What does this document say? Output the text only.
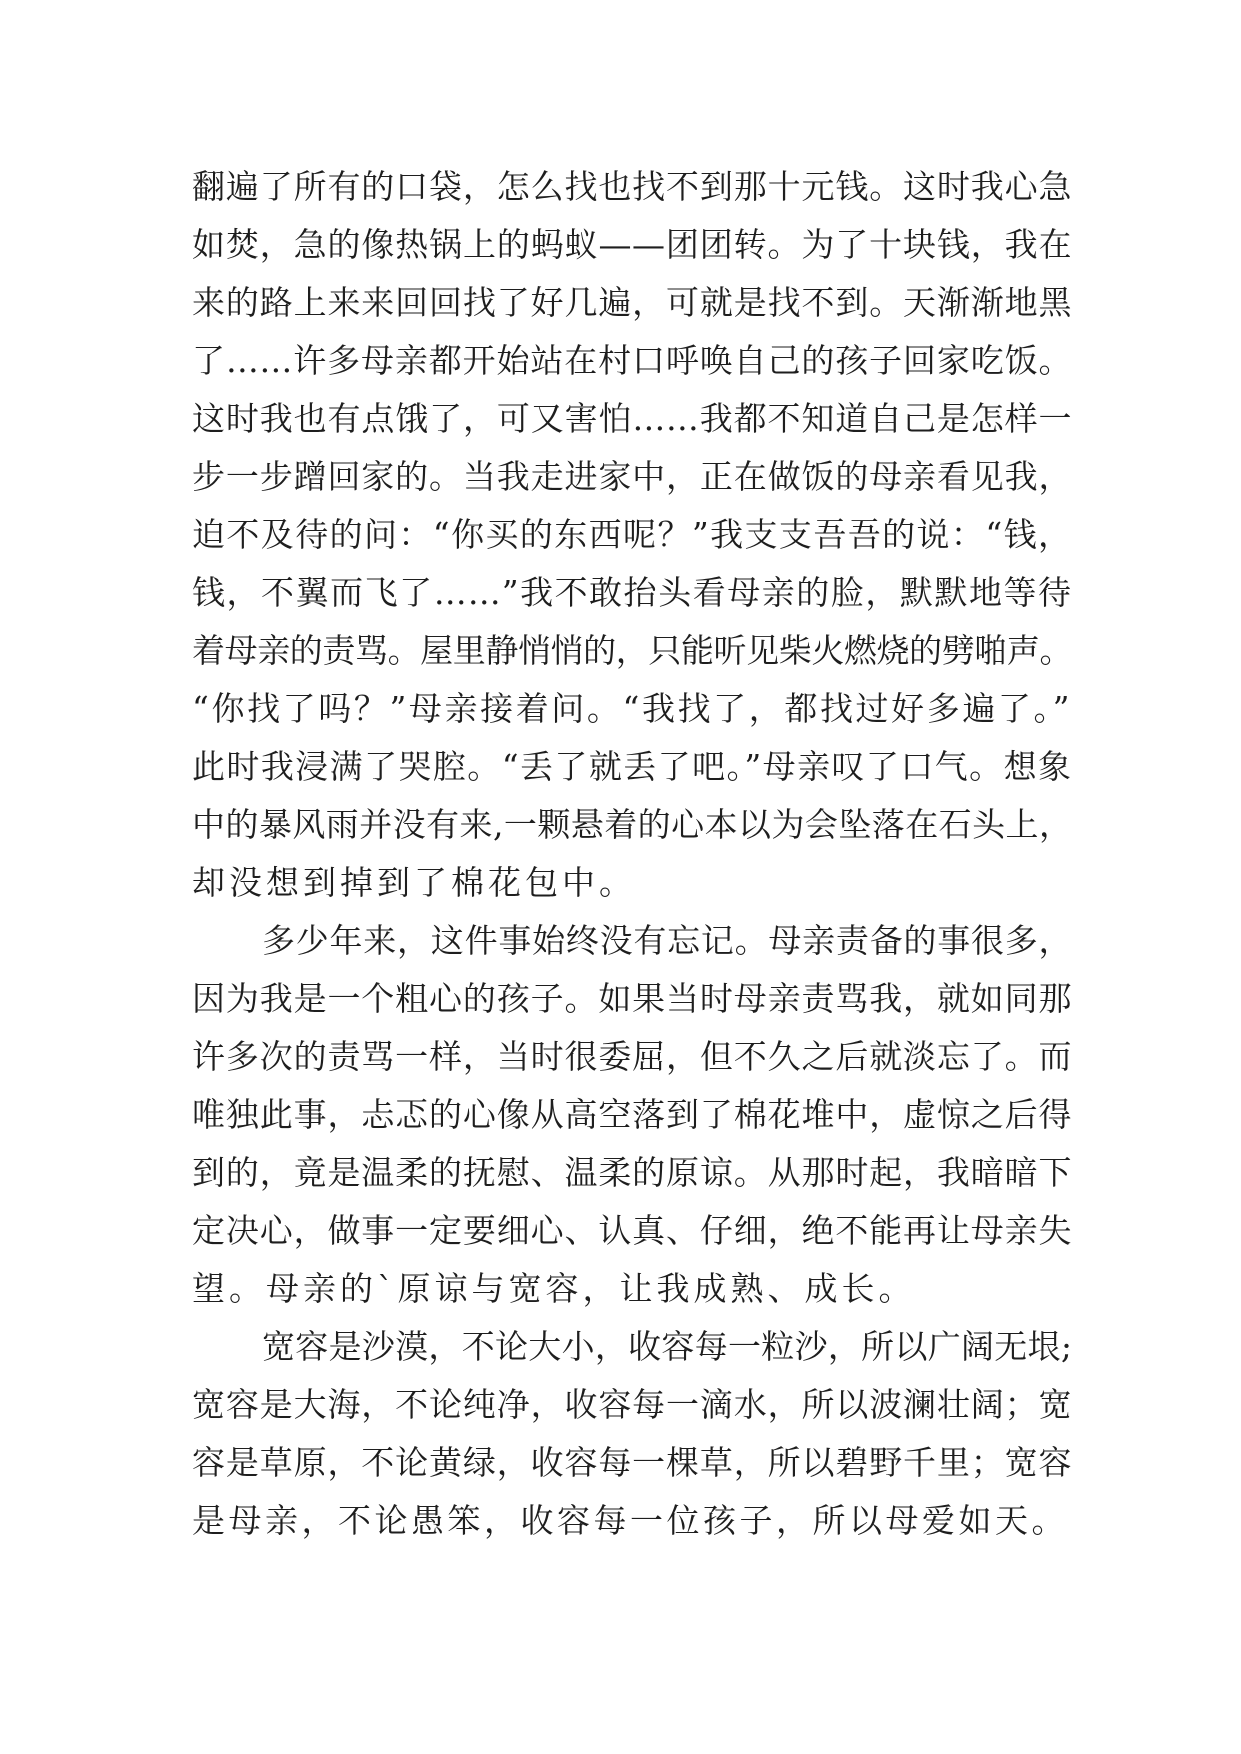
翻遍了所有的口袋，怎么找也找不到那十元钱。这时我心急
如焚，急的像热锅上的蚂蚁——团团转。为了十块钱，我在
来的路上来来回回找了好几遍，可就是找不到。天渐渐地黑
了……许多母亲都开始站在村口呼唤自己的孩子回家吃饭。
这时我也有点饿了，可又害怕……我都不知道自己是怎样一
步一步蹭回家的。当我走进家中，正在做饭的母亲看见我，
迫不及待的问：“你买的东西呢？”我支支吾吾的说：“钱，
钱，不翼而飞了……”我不敢抬头看母亲的脸，默默地等待
着母亲的责骂。屋里静悄悄的，只能听见柴火燃烧的劈啪声。
“你找了吗？”母亲接着问。“我找了，都找过好多遍了。”
此时我浸满了哭腔。“丢了就丢了吧。”母亲叹了口气。想象
中的暴风雨并没有来,一颗悬着的心本以为会坠落在石头上，
却没想到掉到了棉花包中。
多少年来，这件事始终没有忘记。母亲责备的事很多，
因为我是一个粗心的孩子。如果当时母亲责骂我，就如同那
许多次的责骂一样，当时很委屈，但不久之后就淡忘了。而
唯独此事，忐忑的心像从高空落到了棉花堆中，虚惊之后得
到的，竟是温柔的抚慰、温柔的原谅。从那时起，我暗暗下
定决心，做事一定要细心、认真、仔细，绝不能再让母亲失
望。母亲的`原谅与宽容，让我成熟、成长。
宽容是沙漠，不论大小，收容每一粒沙，所以广阔无垠;
宽容是大海，不论纯净，收容每一滴水，所以波澜壮阔；宽
容是草原，不论黄绿，收容每一棵草，所以碧野千里；宽容
是母亲，不论愚笨，收容每一位孩子，所以母爱如天。
